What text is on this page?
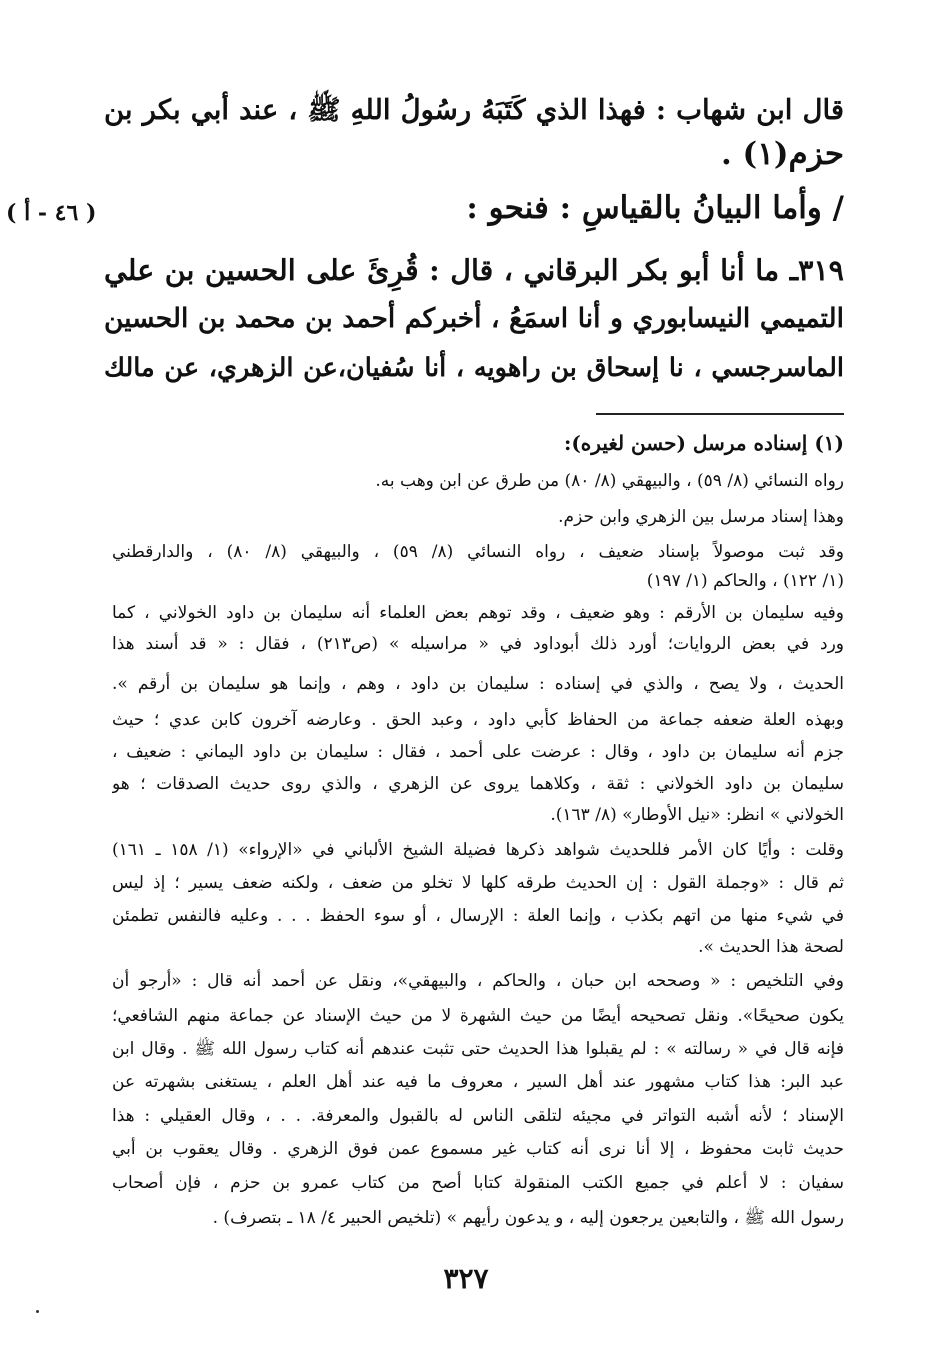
قال ابن شهاب : فهذا الذي كَتَبَهُ رسُولُ اللهِ ﷺ ، عند أبي بكر بن
حزم(١) .
/ وأما البيانُ بالقياسِ : فنحو :
( ٤٦ - أ )
٣١٩ـ ما أنا أبو بكر البرقاني ، قال : قُرِئَ على الحسين بن علي
التميمي النيسابوري و أنا اسمَعُ ، أخبركم أحمد بن محمد بن الحسين
الماسرجسي ، نا إسحاق بن راهويه ، أنا سُفيان،عن الزهري، عن مالك
(١) إسناده مرسل (حسن لغيره):
رواه النسائي (٨/ ٥٩) ، والبيهقي (٨/ ٨٠) من طرق عن ابن وهب به.
وهذا إسناد مرسل بين الزهري وابن حزم.
وقد ثبت موصولاً بإسناد ضعيف ، رواه النسائي (٨/ ٥٩) ، والبيهقي (٨/ ٨٠) ، والدارقطني
(١/ ١٢٢) ، والحاكم (١/ ١٩٧)
وفيه سليمان بن الأرقم : وهو ضعيف ، وقد توهم بعض العلماء أنه سليمان بن داود الخولاني ، كما
ورد في بعض الروايات؛ أورد ذلك أبوداود في « مراسيله » (ص٢١٣) ، فقال : « قد أسند هذا
الحديث ، ولا يصح ، والذي في إسناده : سليمان بن داود ، وهم ، وإنما هو سليمان بن أرقم ».
وبهذه العلة ضعفه جماعة من الحفاظ كأبي داود ، وعبد الحق . وعارضه آخرون كابن عدي ؛ حيث
جزم أنه سليمان بن داود ، وقال : عرضت على أحمد ، فقال : سليمان بن داود اليماني : ضعيف ،
سليمان بن داود الخولاني : ثقة ، وكلاهما يروى عن الزهري ، والذي روى حديث الصدقات ؛ هو
الخولاني » انظر: «نيل الأوطار» (٨/ ١٦٣).
وقلت : وأيًا كان الأمر فللحديث شواهد ذكرها فضيلة الشيخ الألباني في «الإرواء» (١/ ١٥٨ ـ ١٦١)
ثم قال : «وجملة القول : إن الحديث طرقه كلها لا تخلو من ضعف ، ولكنه ضعف يسير ؛ إذ ليس
في شيء منها من اتهم بكذب ، وإنما العلة : الإرسال ، أو سوء الحفظ . . . وعليه فالنفس تطمئن
لصحة هذا الحديث ».
وفي التلخيص : « وصححه ابن حبان ، والحاكم ، والبيهقي»، ونقل عن أحمد أنه قال : «أرجو أن
يكون صحيحًا». ونقل تصحيحه أيضًا من حيث الشهرة لا من حيث الإسناد عن جماعة منهم الشافعي؛
فإنه قال في « رسالته » : لم يقبلوا هذا الحديث حتى تثبت عندهم أنه كتاب رسول الله ﷺ . وقال ابن
عبد البر: هذا كتاب مشهور عند أهل السير ، معروف ما فيه عند أهل العلم ، يستغنى بشهرته عن
الإسناد ؛ لأنه أشبه التواتر في مجيئه لتلقى الناس له بالقبول والمعرفة. . . ، وقال العقيلي : هذا
حديث ثابت محفوظ ، إلا أنا نرى أنه كتاب غير مسموع عمن فوق الزهري . وقال يعقوب بن أبي
سفيان : لا أعلم في جميع الكتب المنقولة كتابا أصح من كتاب عمرو بن حزم ، فإن أصحاب
رسول الله ﷺ ، والتابعين يرجعون إليه ، و يدعون رأيهم » (تلخيص الحبير ٤/ ١٨ ـ بتصرف) .
٣٢٧
